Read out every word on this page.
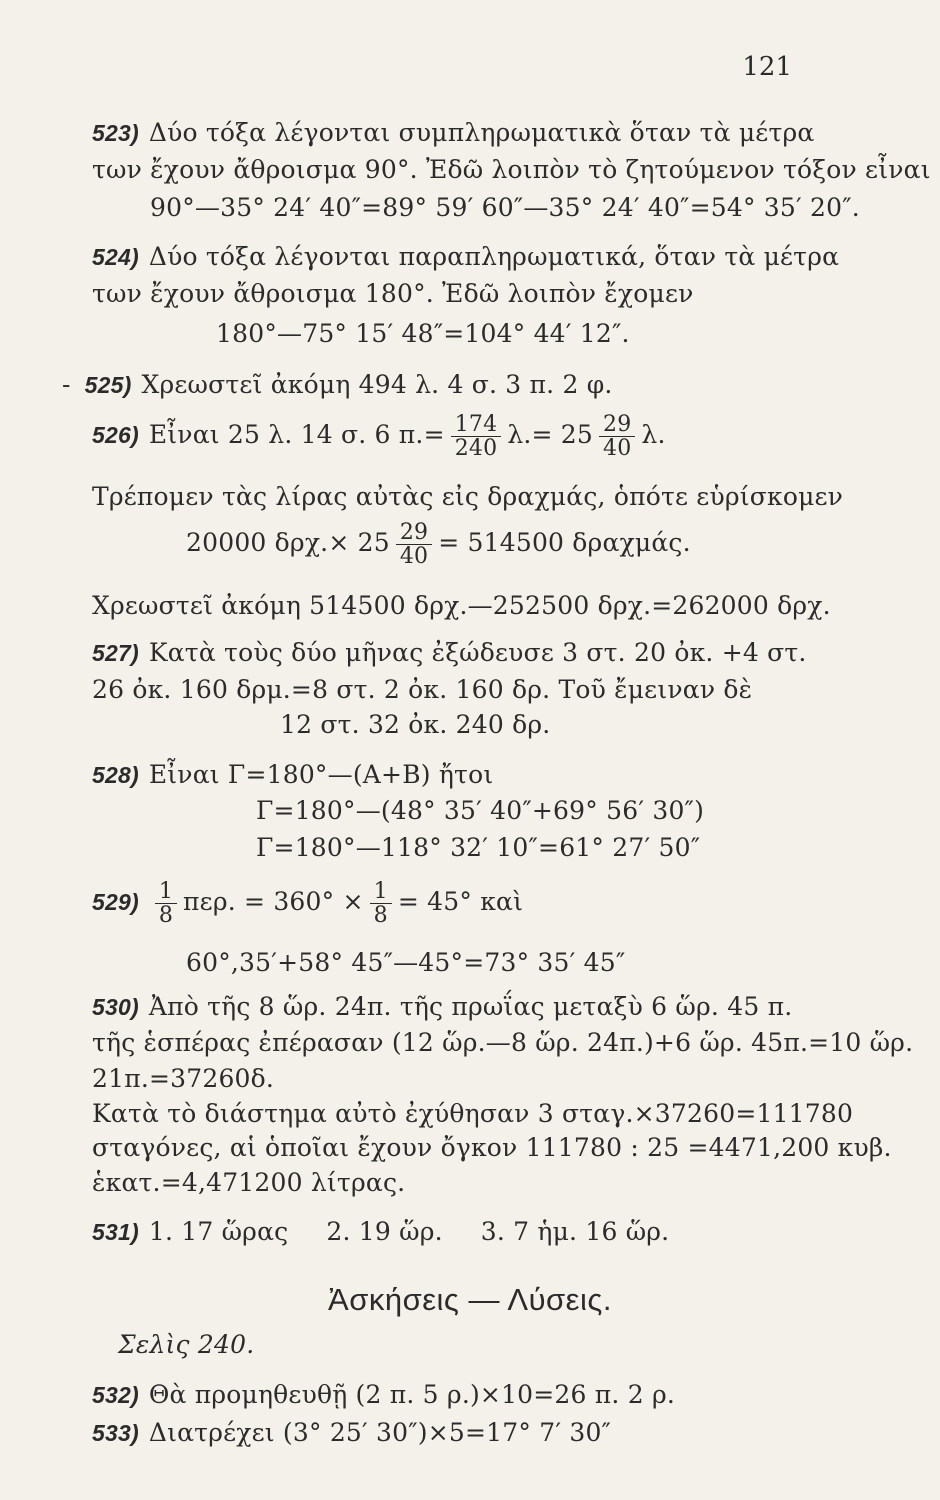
121
523) Δύο τόξα λέγονται συμπληρωματικὰ ὅταν τὰ μέτρα
των ἔχουν ἄθροισμα 90°. Ἐδῶ λοιπὸν τὸ ζητούμενον τόξον εἶναι
90°—35° 24′ 40″=89° 59′ 60″—35° 24′ 40″=54° 35′ 20″.
524) Δύο τόξα λέγονται παραπληρωματικά, ὅταν τὰ μέτρα
των ἔχουν ἄθροισμα 180°. Ἐδῶ λοιπὸν ἔχομεν
180°—75° 15′ 48″=104° 44′ 12″.
- 525) Χρεωστεῖ ἀκόμη 494 λ. 4 σ. 3 π. 2 φ.
526) Εἶναι 25 λ. 14 σ. 6 $\pi.= \frac{174}{240} \lambda.= 25 \frac{29}{40} \lambda$.
Τρέπομεν τὰς λίρας αὐτὰς εἰς δραχμάς, ὁπότε εὑρίσκομεν
20000 $\delta\rho\chi.\times 25 \frac{29}{40} = 514500$ δραχμάς.
Χρεωστεῖ ἀκόμη 514500 δρχ.—252500 δρχ.=262000 δρχ.
527) Κατὰ τοὺς δύο μῆνας ἐξώδευσε 3 στ. 20 ὀκ. +4 στ.
26 ὀκ. 160 δρμ.=8 στ. 2 ὀκ. 160 δρ. Τοῦ ἔμειναν δὲ
12 στ. 32 ὀκ. 240 δρ.
528) Εἶναι Γ=180°—(Α+Β) ἤτοι
Γ=180°—(48° 35′ 40″+69° 56′ 30″)
Γ=180°—118° 32′ 10″=61° 27′ 50″
$529) \frac{1}{8} \pi\varepsilon\rho$. = $360^\circ \times \frac{1}{8} = 45^\circ$ καὶ
60°,35′+58° 45″—45°=73° 35′ 45″
530) Ἀπὸ τῆς 8 ὥρ. 24π. τῆς πρωΐας μεταξὺ 6 ὥρ. 45 π.
τῆς ἑσπέρας ἐπέρασαν (12 ὥρ.—8 ὥρ. 24π.)+6 ὥρ. 45π.=10 ὥρ.
21π.=37260δ.
Κατὰ τὸ διάστημα αὐτὸ ἐχύθησαν 3 σταγ.×37260=111780
σταγόνες, αἱ ὁποῖαι ἔχουν ὄγκον 111780 : 25 =4471,200 κυβ.
ἑκατ.=4,471200 λίτρας.
531) 1. 17 ὥρας 2. 19 ὥρ. 3. 7 ἡμ. 16 ὥρ.
Ἀσκήσεις — Λύσεις.
Σελὶς 240.
532) Θὰ προμηθευθῇ (2 π. 5 ρ.)×10=26 π. 2 ρ.
533) Διατρέχει (3° 25′ 30″)×5=17° 7′ 30″
